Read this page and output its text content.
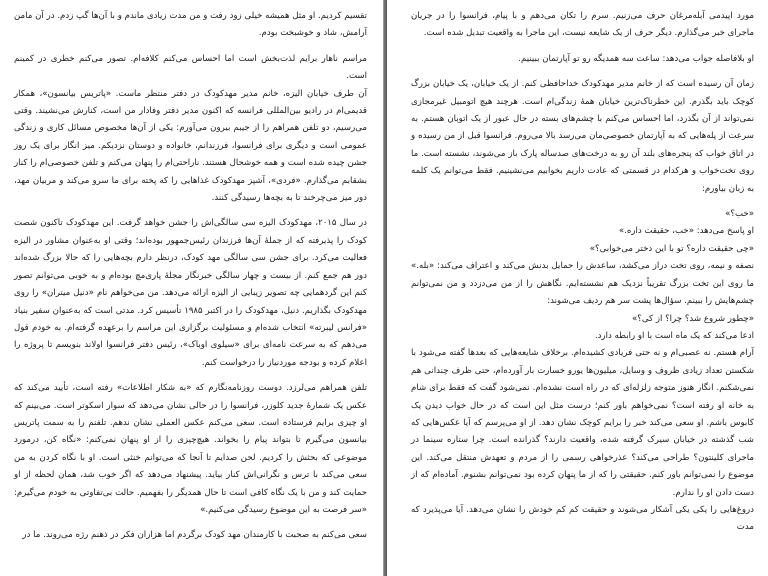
تقسیم کردیم. او مثل همیشه خیلی زود رفت و من مدت زیادی ماندم و با آن‌ها گپ زدم. در آن مامن آرامش، شاد و خوشبخت بودم.

مراسم ناهار برایم لذت‌بخش است اما احساس می‌کنم کلافه‌ام. تصور می‌کنم خطری در کمینم است.

آن طرف خیابان الیزه، خانم مدیر مهدکودک در دفتر منتظر ماست. «پاتریس بیانسون»، همکار قدیمی‌ام در رادیو بین‌المللی فرانسه که اکنون مدیر دفتر وفادار من است، کنارش می‌نشیند. وقتی می‌رسیم، دو تلفن همراهم را از جیبم بیرون می‌آورم: یکی از آن‌ها مخصوص مسائل کاری و زندگی عمومی است و دیگری برای فرانسوا، فرزندانم، خانواده و دوستان نزدیکم. میز انگار برای یک روز جشن چیده شده است و همه خوشحال هستند. ناراحتی‌ام را پنهان می‌کنم و تلفن خصوصی‌ام را کنار بشقابم می‌گذارم. «فردی»، آشپز مهدکودک غذاهایی را که پخته برای ما سرو می‌کند و مربیان مهد، دور میز می‌چرخند تا به بچه‌ها رسیدگی کنند.

در سال ۲۰۱۵، مهدکودک الیزه سی سالگی‌اش را جشن خواهد گرفت. این مهدکودک تاکنون شصت کودک را پذیرفته که از جملهٔ آن‌ها فرزندان رئیس‌جمهور بوده‌اند؛ وقتی او به‌عنوان مشاور در الیزه فعالیت می‌کرد. برای جشن سی سالگی مهد کودک، درنظر دارم بچه‌هایی را که حالا بزرگ شده‌اند دور هم جمع کنم. از بیست و چهار سالگی خبرنگار مجلهٔ پاری‌مچ بوده‌ام و به خوبی می‌توانم تصور کنم این گردهمایی چه تصویر زیبایی از الیزه ارائه می‌دهد. من می‌خواهم نام «دنیل میتران» را روی مهدکودک بگذاریم. دنیل، مهدکودک را در اکتبر ۱۹۸۵ تأسیس کرد. مدتی است که به‌عنوان سفیر بنیاد «فرانس لیبرته» انتخاب شده‌ام و مسئولیت برگزاری این مراسم را برعهده گرفته‌ام. به خودم قول می‌دهم که به سرعت نامه‌ای برای «سیلوی اوباک»، رئیس دفتر فرانسوا اولاند بنویسم تا پروژه را اعلام کرده و بودجه موردنیاز را درخواست کنم.

تلفن همراهم می‌لرزد. دوست روزنامه‌نگارم که «به شکار اطلاعات» رفته است، تأیید می‌کند که عکس یک شمارهٔ جدید کلوزر، فرانسوا را در حالی نشان می‌دهد که سوار اسکوتر است. می‌بینم که او چیزی برایم فرستاده است. سعی می‌کنم عکس العملی نشان ندهم. تلفنم را به سمت پاتریس بیانسون می‌گیرم تا بتواند پیام را بخواند. هیچ‌چیزی را از او پنهان نمی‌کنم: «نگاه کن، درمورد موضوعی که بحثش را کردیم. لحن صدایم تا آنجا که می‌توانم خنثی است. او با نگاه کردن به من سعی می‌کند با ترس و نگرانی‌اش کنار بیاید. پیشنهاد می‌دهد که اگر خوب شد، همان لحظه از او حمایت کند و من با یک نگاه کافی است تا حال همدیگر را بفهمیم. حالت بی‌تفاوتی به خودم می‌گیرم: «سر فرصت به این موضوع رسیدگی می‌کنیم.»

سعی می‌کنم به صحبت با کارمندان مهد کودک برگردم اما هزاران فکر در ذهنم رژه می‌روند. ما در

مورد اپیدمی آبله‌مرغان حرف می‌زنیم. سرم را تکان می‌دهم و با پیام، فرانسوا را در جریان ماجرای خبر می‌گذارم. دیگر حرف از یک شایعه نیست، این ماجرا به واقعیت تبدیل شده است.

او بلافاصله جواب می‌دهد: ساعت سه همدیگه رو تو آپارتمان ببینیم.

زمان آن رسیده است که از خانم مدیر مهدکودک خداحافظی کنم. از یک خیابان، یک خیابان بزرگ کوچک باید بگذرم. این خطرناک‌ترین خیابان همهٔ زندگی‌ام است. هرچند هیچ اتومبیل غیرمجازی نمی‌تواند از آن بگذرد، اما احساس می‌کنم با چشم‌های بسته در حال عبور از یک اتوبان هستم. به سرعت از پله‌هایی که به آپارتمان خصوصی‌مان می‌رسد بالا می‌روم. فرانسوا قبل از من رسیده و در اتاق خواب که پنجره‌های بلند آن رو به درخت‌های صدساله پارک باز می‌شوند، نشسته است. ما روی تخت‌خواب و هرکدام در قسمتی که عادت داریم بخوابیم می‌نشینیم. فقط می‌توانم یک کلمه به زبان بیاورم:

«خب؟»

او پاسخ می‌دهد: «خب، حقیقت داره.»

«چی حقیقت داره؟ تو با این دختر می‌خوابی؟»

نصفه و نیمه، روی تخت دراز می‌کشد، ساعدش را حمایل بدنش می‌کند و اعتراف می‌کند: «بله.» ما روی این تخت بزرگ تقریباً نزدیک هم نشسته‌ایم. نگاهش را از من می‌دزدد و من نمی‌توانم چشم‌هایش را ببینم. سؤال‌ها پشت سر هم ردیف می‌شوند:

«چطور شروع شد؟ چرا؟ از کی؟»

ادعا می‌کند که یک ماه است با او رابطه دارد.

آرام هستم. نه عصبی‌ام و نه حتی فریادی کشیده‌ام. برخلاف شایعه‌هایی که بعدها گفته می‌شود با شکستن تعداد زیادی ظروف و وسایل، میلیون‌ها یورو خسارت بار آورده‌ام، حتی ظرف چندانی هم نمی‌شکنم. انگار هنوز متوجه زلزله‌ای که در راه است نشده‌ام. نمی‌شود گفت که فقط برای شام به خانه او رفته است؟ نمی‌خواهم باور کنم؛ درست مثل این است که در حال خواب دیدن یک کابوس باشم. او سعی می‌کند خبر را برایم کوچک نشان دهد. از او می‌پرسم که آیا عکس‌هایی که شب گذشته در خیابان سیرک گرفته شده، واقعیت دارند؟ گذرانده است. چرا ستاره سینما در ماجرای کلینتون؟ طراحی می‌کند؟ عذرخواهی رسمی را از مردم و تعهدش منتقل می‌کند. این موضوع را نمی‌توانم باور کنم. حقیقتی را که از ما پنهان کرده بود نمی‌توانم بشنوم. آماده‌ام که از دست دادن او را ندارم.

دروغ‌هایی را یکی یکی آشکار می‌شوند و حقیقت کم کم خودش را نشان می‌دهد. آیا می‌پذیرد که مدت
